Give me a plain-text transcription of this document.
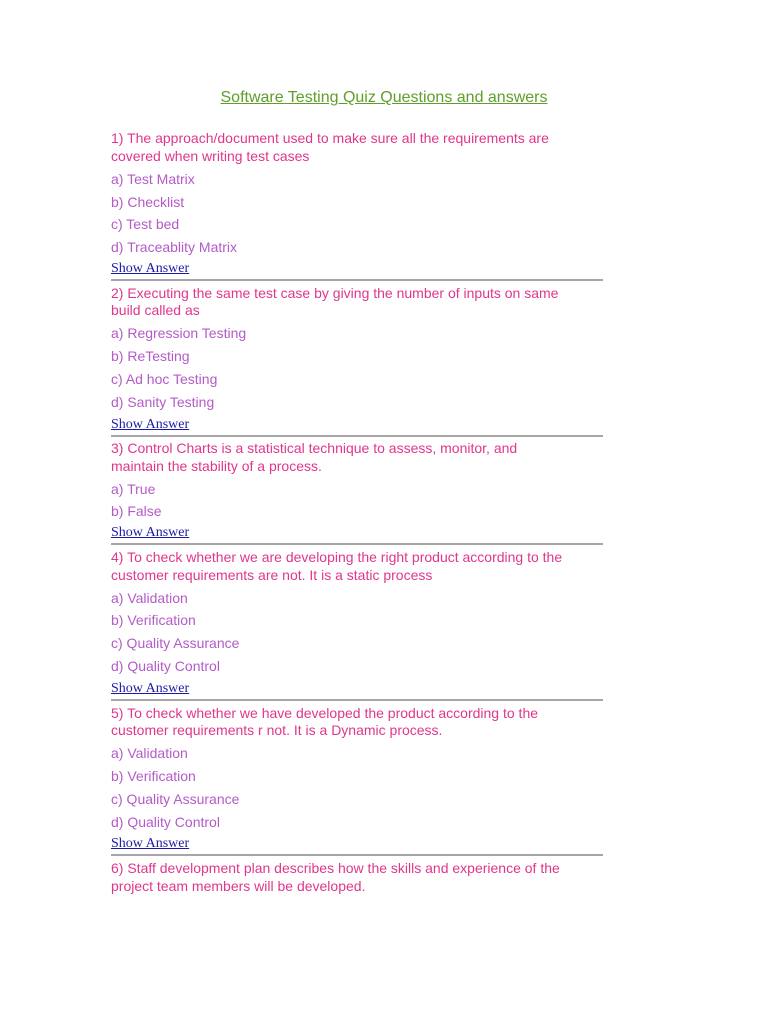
Software Testing Quiz Questions and answers
1) The approach/document used to make sure all the requirements are
covered when writing test cases
a) Test Matrix
b) Checklist
c) Test bed
d) Traceablity Matrix
Show Answer
2) Executing the same test case by giving the number of inputs on same
build called as
a) Regression Testing
b) ReTesting
c) Ad hoc Testing
d) Sanity Testing
Show Answer
3) Control Charts is a statistical technique to assess, monitor, and
maintain the stability of a process.
a) True
b) False
Show Answer
4) To check whether we are developing the right product according to the
customer requirements are not. It is a static process
a) Validation
b) Verification
c) Quality Assurance
d) Quality Control
Show Answer
5) To check whether we have developed the product according to the
customer requirements r not. It is a Dynamic process.
a) Validation
b) Verification
c) Quality Assurance
d) Quality Control
Show Answer
6) Staff development plan describes how the skills and experience of the
project team members will be developed.
